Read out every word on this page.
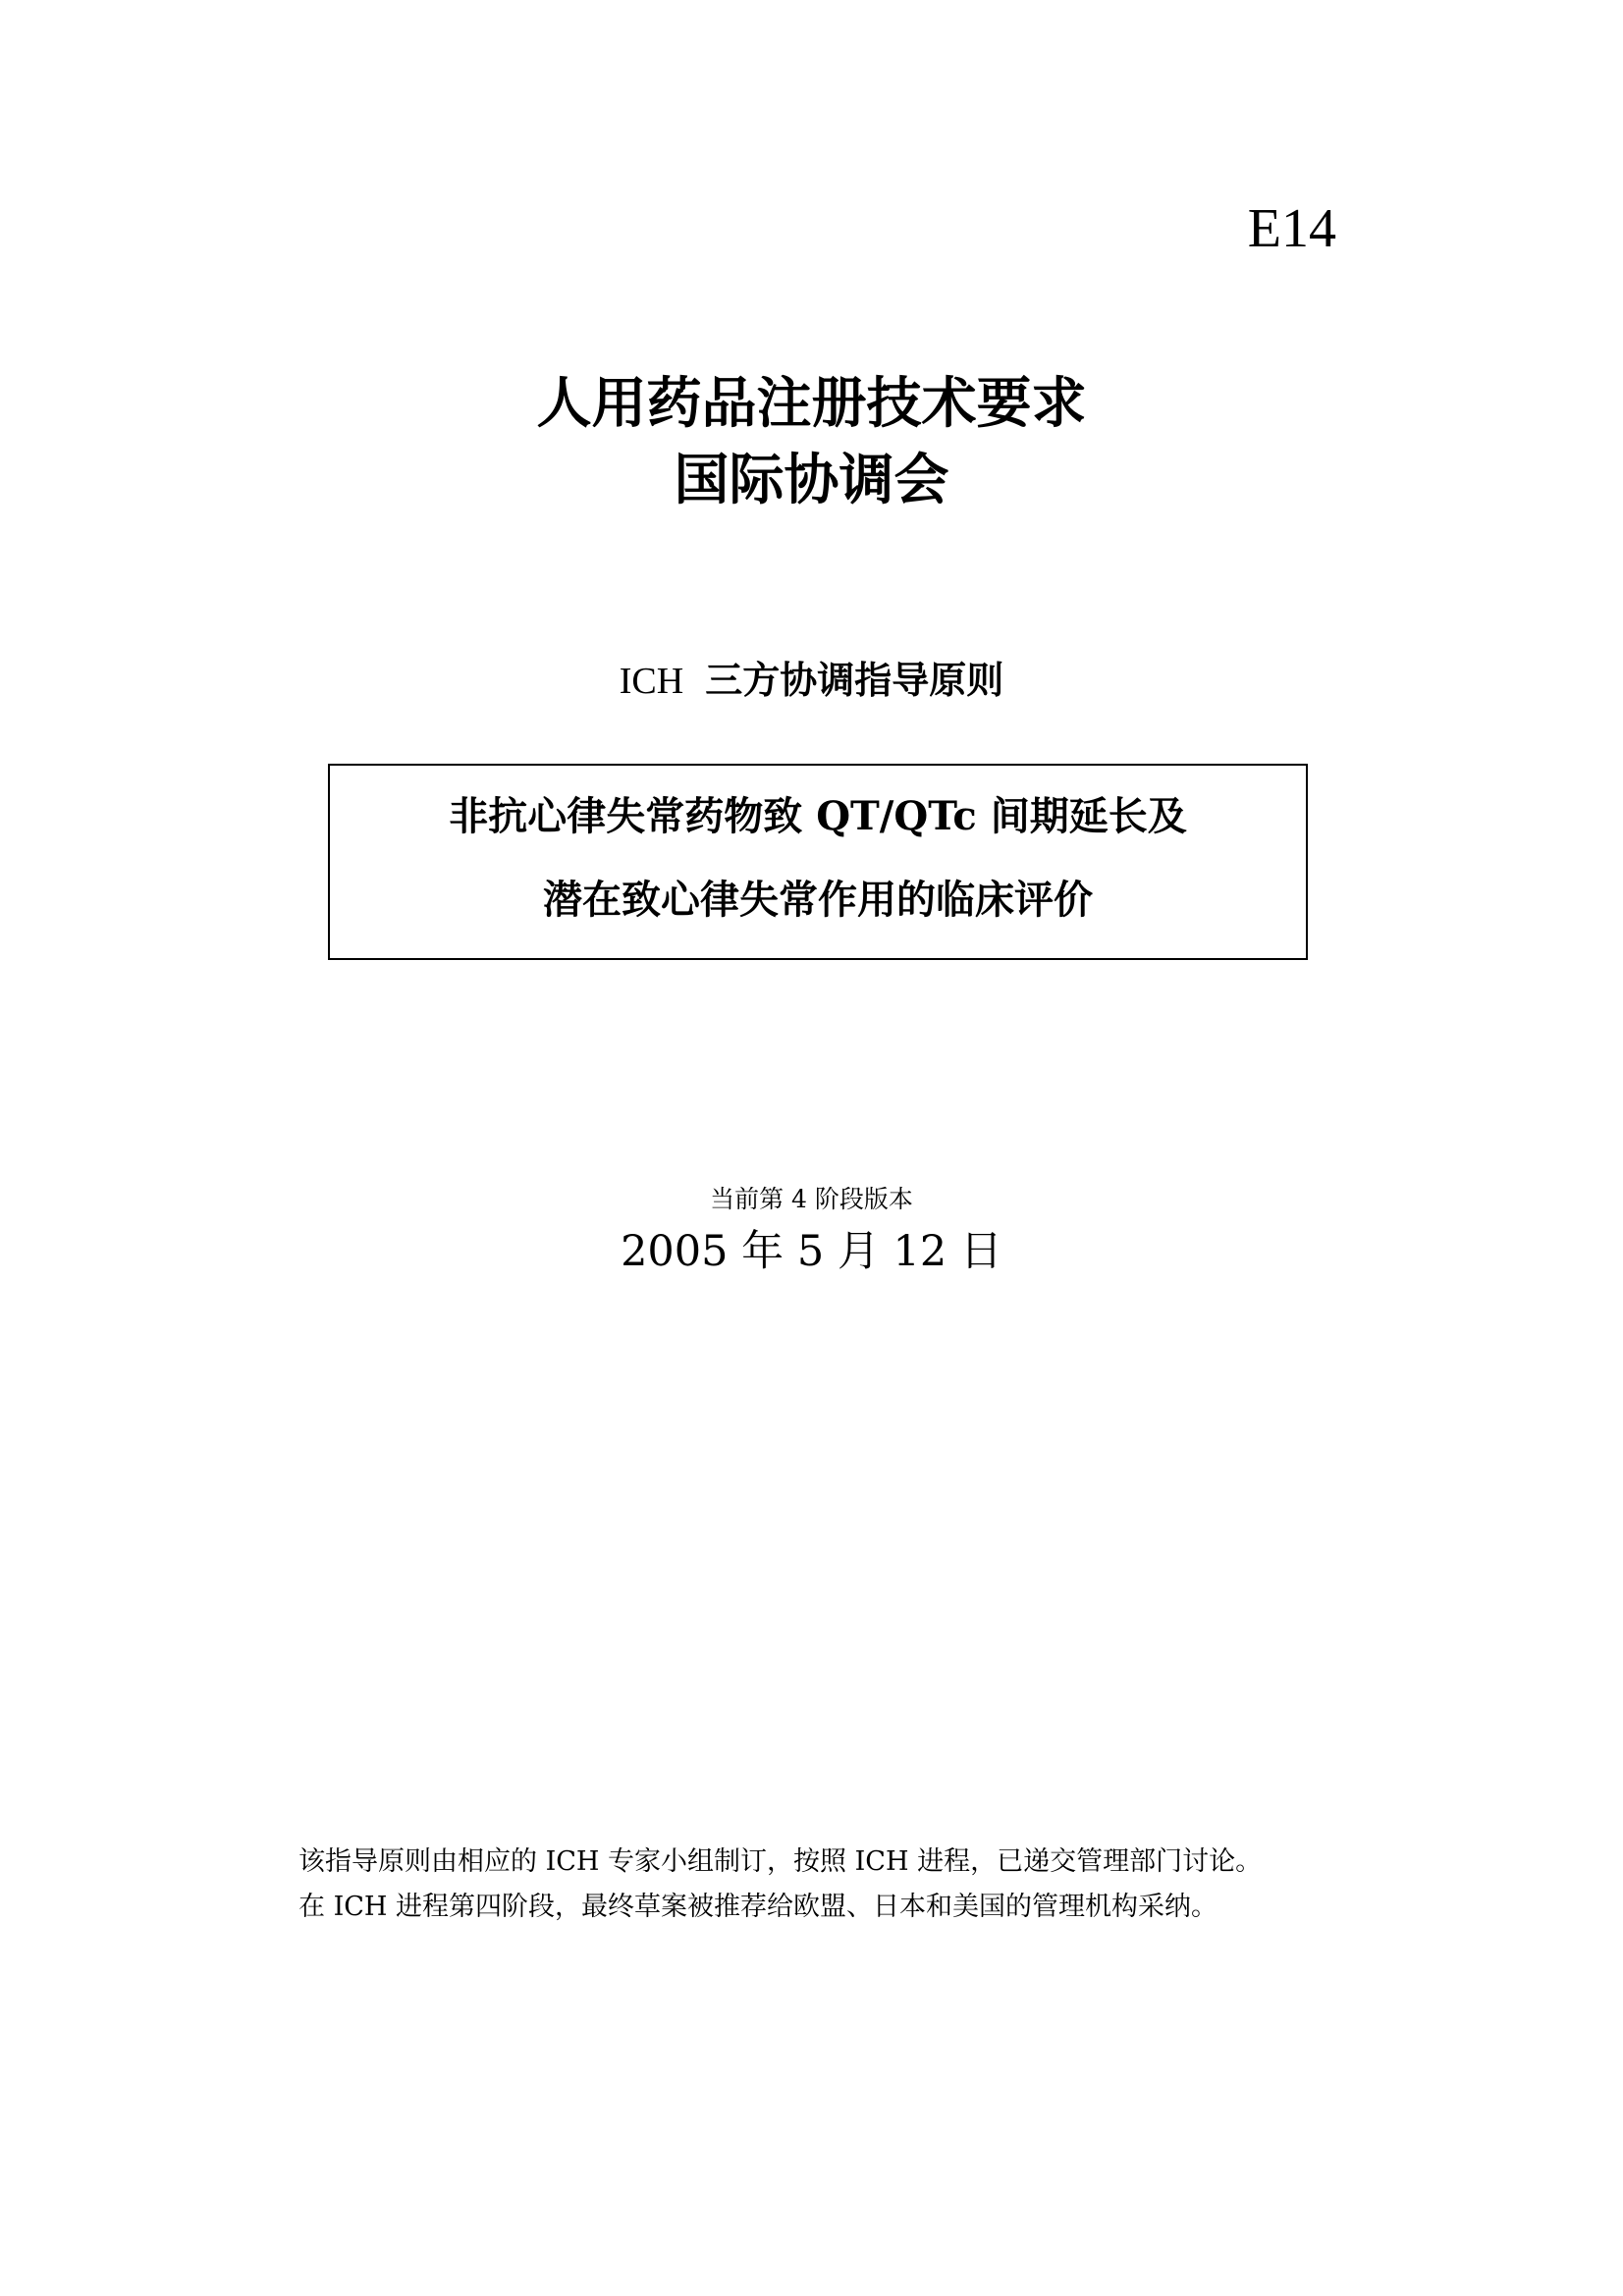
E14
人用药品注册技术要求
国际协调会
ICH 三方协调指导原则
非抗心律失常药物致 QT/QTc 间期延长及
潜在致心律失常作用的临床评价
当前第 4 阶段版本
2005 年 5 月 12 日
该指导原则由相应的 ICH 专家小组制订，按照 ICH 进程，已递交管理部门讨论。
在 ICH 进程第四阶段，最终草案被推荐给欧盟、日本和美国的管理机构采纳。
